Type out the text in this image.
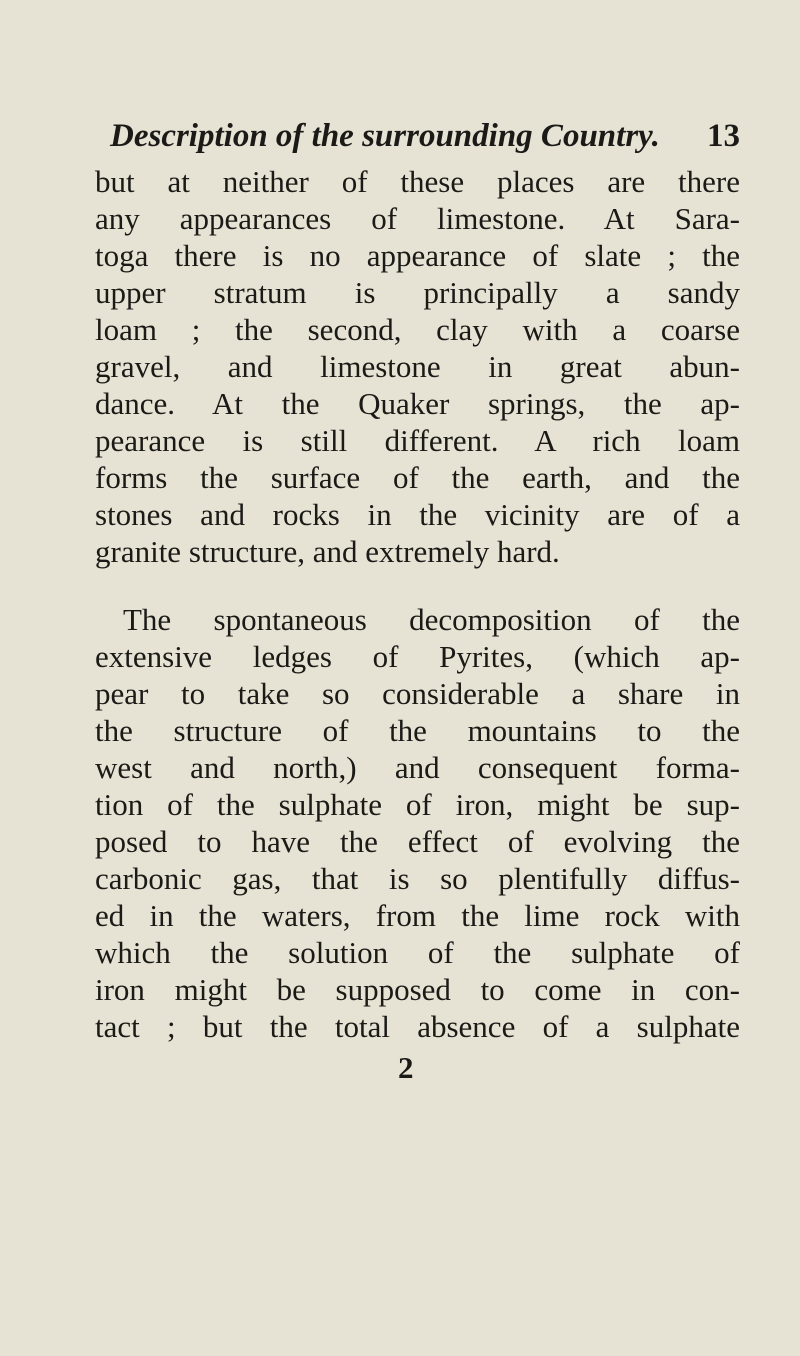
Description of the surrounding Country. 13
but at neither of these places are there
any appearances of limestone. At Sara-
toga there is no appearance of slate ; the
upper stratum is principally a sandy
loam ; the second, clay with a coarse
gravel, and limestone in great abun-
dance. At the Quaker springs, the ap-
pearance is still different. A rich loam
forms the surface of the earth, and the
stones and rocks in the vicinity are of a
granite structure, and extremely hard.
The spontaneous decomposition of the
extensive ledges of Pyrites, (which ap-
pear to take so considerable a share in
the structure of the mountains to the
west and north,) and consequent forma-
tion of the sulphate of iron, might be sup-
posed to have the effect of evolving the
carbonic gas, that is so plentifully diffus-
ed in the waters, from the lime rock with
which the solution of the sulphate of
iron might be supposed to come in con-
tact ; but the total absence of a sulphate
2
